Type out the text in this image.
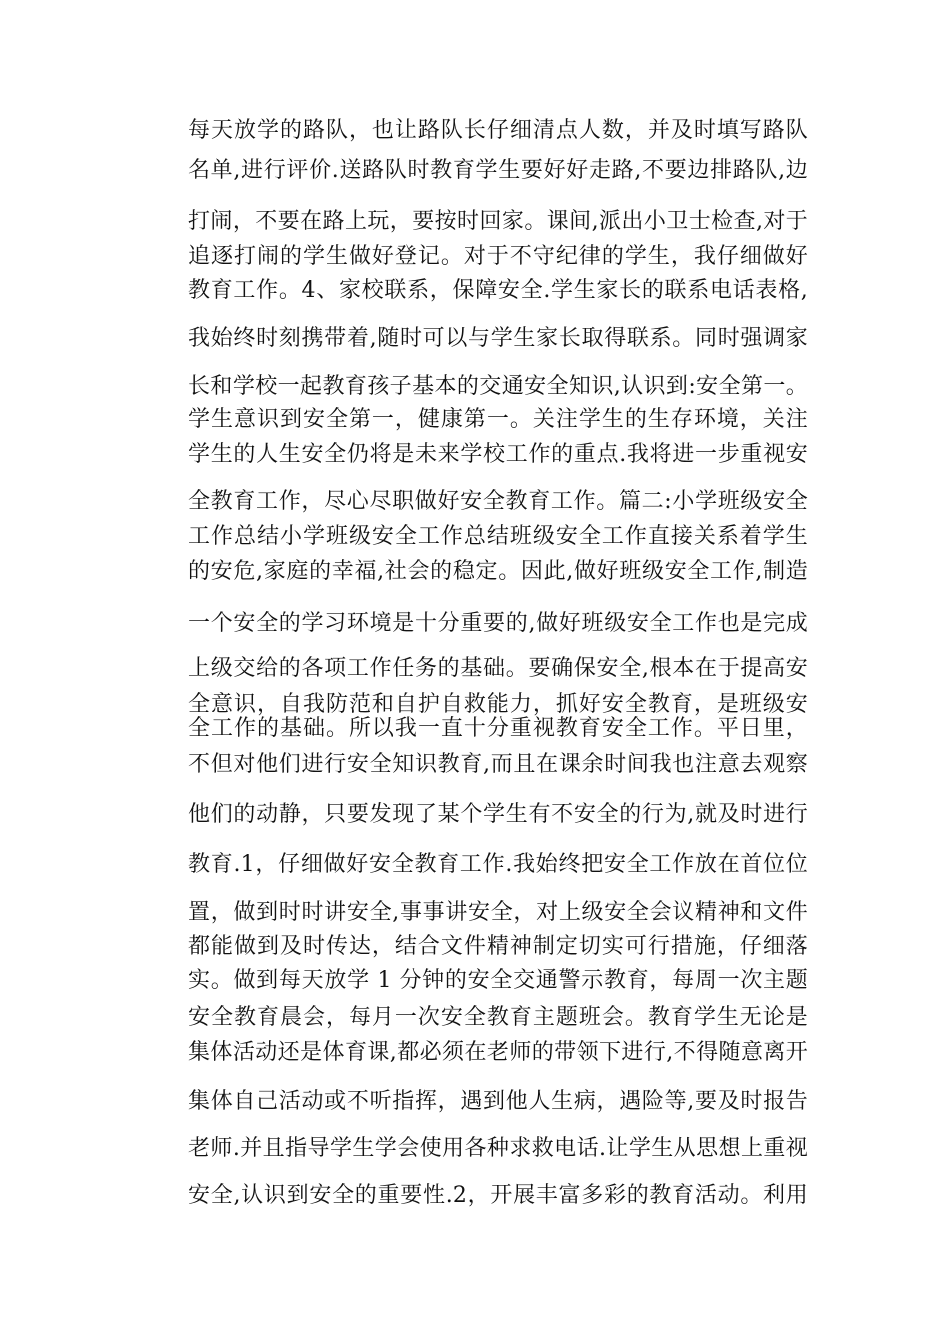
每天放学的路队，也让路队长仔细清点人数，并及时填写路队

名单,进行评价.送路队时教育学生要好好走路,不要边排路队,边

打闹，不要在路上玩，要按时回家。课间,派出小卫士检查,对于

追逐打闹的学生做好登记。对于不守纪律的学生，我仔细做好

教育工作。4、家校联系，保障安全.学生家长的联系电话表格,

我始终时刻携带着,随时可以与学生家长取得联系。同时强调家

长和学校一起教育孩子基本的交通安全知识,认识到:安全第一。

学生意识到安全第一，健康第一。关注学生的生存环境，关注

学生的人生安全仍将是未来学校工作的重点.我将进一步重视安

全教育工作，尽心尽职做好安全教育工作。篇二:小学班级安全

工作总结小学班级安全工作总结班级安全工作直接关系着学生

的安危,家庭的幸福,社会的稳定。因此,做好班级安全工作,制造

一个安全的学习环境是十分重要的,做好班级安全工作也是完成

上级交给的各项工作任务的基础。要确保安全,根本在于提高安

全意识，自我防范和自护自救能力，抓好安全教育，是班级安

全工作的基础。所以我一直十分重视教育安全工作。平日里，

不但对他们进行安全知识教育,而且在课余时间我也注意去观察

他们的动静，只要发现了某个学生有不安全的行为,就及时进行

教育.1，仔细做好安全教育工作.我始终把安全工作放在首位位

置，做到时时讲安全,事事讲安全，对上级安全会议精神和文件

都能做到及时传达，结合文件精神制定切实可行措施，仔细落

实。做到每天放学 1 分钟的安全交通警示教育，每周一次主题

安全教育晨会，每月一次安全教育主题班会。教育学生无论是

集体活动还是体育课,都必须在老师的带领下进行,不得随意离开

集体自己活动或不听指挥，遇到他人生病，遇险等,要及时报告

老师.并且指导学生学会使用各种求救电话.让学生从思想上重视

安全,认识到安全的重要性.2，开展丰富多彩的教育活动。利用
